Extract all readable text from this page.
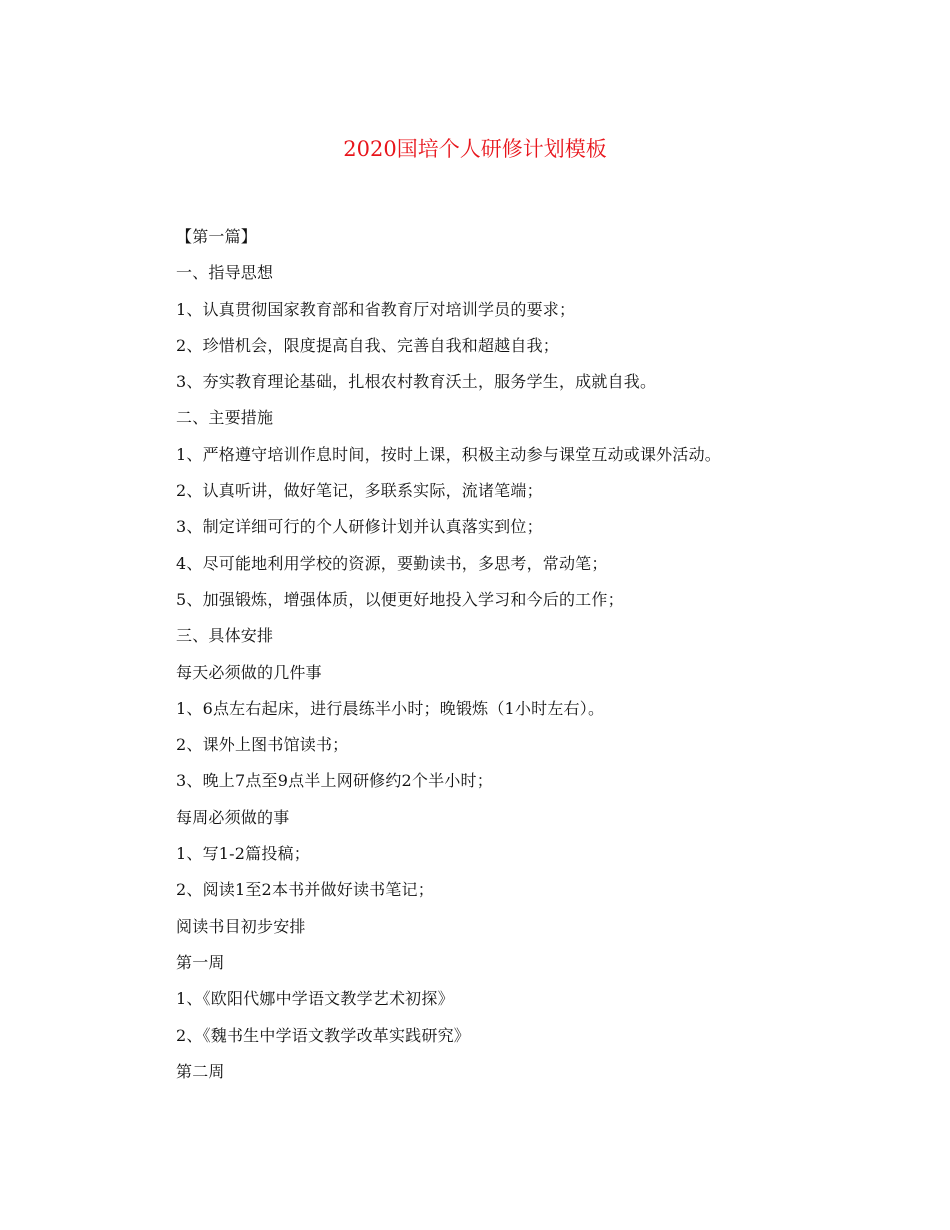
2020国培个人研修计划模板
【第一篇】
一、指导思想
1、认真贯彻国家教育部和省教育厅对培训学员的要求；
2、珍惜机会，限度提高自我、完善自我和超越自我；
3、夯实教育理论基础，扎根农村教育沃土，服务学生，成就自我。
二、主要措施
1、严格遵守培训作息时间，按时上课，积极主动参与课堂互动或课外活动。
2、认真听讲，做好笔记，多联系实际，流诸笔端；
3、制定详细可行的个人研修计划并认真落实到位；
4、尽可能地利用学校的资源，要勤读书，多思考，常动笔；
5、加强锻炼，增强体质，以便更好地投入学习和今后的工作；
三、具体安排
每天必须做的几件事
1、6点左右起床，进行晨练半小时；晚锻炼（1小时左右）。
2、课外上图书馆读书；
3、晚上7点至9点半上网研修约2个半小时；
每周必须做的事
1、写1-2篇投稿；
2、阅读1至2本书并做好读书笔记；
阅读书目初步安排
第一周
1、《欧阳代娜中学语文教学艺术初探》
2、《魏书生中学语文教学改革实践研究》
第二周
